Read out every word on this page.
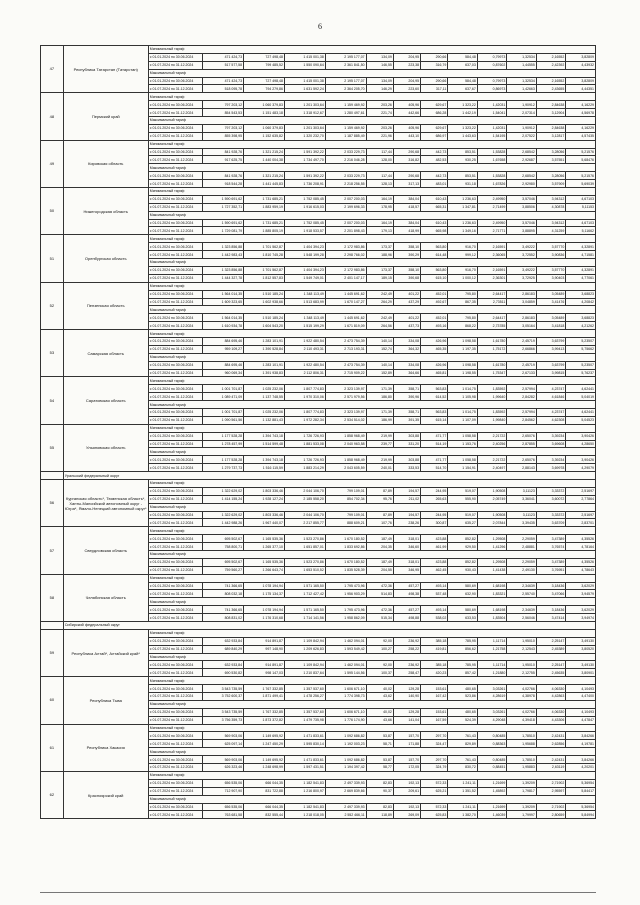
6
47	Республика Татарстан (Татарстан)	Минимальный тариф												
		с 01.01.2024 по 30.06.2024	471 424,73	727 498,48	1 415 001,38	2 195 177,07	134,09	204,95	290,66	584,48	0,79973	1,32534	2,16552	3,82809
		с 01.07.2024 по 31.12.2024	517 577,58	799 485,52	1 550 090,64	2 361 841,50	146,55	223,38	316,79	637,03	0,87602	1,44555	2,42392	4,43932
		Максимальный тариф												
		с 01.01.2024 по 30.06.2024	471 424,73	727 498,48	1 415 001,38	2 195 177,07	134,09	204,95	290,66	584,48	0,79973	1,32534	2,16552	3,82809
		с 01.07.2024 по 31.12.2024	518 095,78	794 279,86	1 631 592,24	2 364 205,70	146,29	223,60	317,11	637,67	0,86973	1,42663	2,43655	4,44351
48	Пермский край	Минимальный тариф												
		с 01.01.2024 по 30.06.2024	797 203,12	1 060 379,83	1 201 303,64	1 159 469,92	203,26	405,96	629,67	1 323,22	1,42031	1,90912	2,84638	4,16229
		с 01.07.2024 по 31.12.2024	854 543,53	1 151 483,18	1 318 912,67	1 280 497,61	221,74	442,66	686,28	1 442,19	1,54041	2,07314	3,12904	4,56978
		Максимальный тариф												
		с 01.01.2024 по 30.06.2024	797 203,12	1 060 379,83	1 201 303,64	1 159 469,92	203,26	405,96	629,67	1 323,22	1,42031	1,90912	2,84638	4,16229
		с 01.07.2024 по 31.12.2024	855 398,95	1 152 635,82	1 320 232,70	1 187 885,49	221,96	443,10	686,97	1 443,63	1,54195	2,07522	3,12817	4,57435
49	Кировская область	Минимальный тариф												
		с 01.01.2024 по 30.06.2024	841 928,76	1 321 215,24	1 591 392,22	2 033 229,73	117,44	290,68	442,73	853,51	1,53828	2,68542	3,28056	5,21576
		с 01.07.2024 по 31.12.2024	917 625,75	1 440 004,38	1 734 497,70	2 216 046,28	128,00	316,82	482,53	930,25	1,67658	2,92687	3,57551	5,68476
		Максимальный тариф												
		с 01.01.2024 по 30.06.2024	841 928,76	1 321 215,24	1 591 392,22	2 033 229,73	117,44	290,68	442,73	853,51	1,53828	2,68542	3,28056	5,21576
		с 01.07.2024 по 31.12.2024	918 544,28	1 441 445,83	1 736 208,91	2 218 256,55	128,13	317,13	483,01	931,18	1,67826	2,92980	3,57909	5,69039
50	Нижегородская область	Минимальный тариф												
		с 01.01.2024 по 30.06.2024	1 590 691,62	1 731 685,21	1 752 085,45	2 007 200,03	164,19	384,04	610,43	1 236,63	2,49950	3,57046	3,94312	4,67103
		с 01.07.2024 по 31.12.2024	1 727 352,71	1 883 959,19	1 916 615,03	2 199 696,33	178,95	418,57	665,31	1 347,81	2,71499	3,88506	4,30878	5,11153
		Максимальный тариф												
		с 01.01.2024 по 30.06.2024	1 590 691,62	1 731 685,21	1 752 085,45	2 007 200,03	164,19	384,04	610,43	1 236,63	2,49950	3,57046	3,94312	4,67103
		с 01.07.2024 по 31.12.2024	1 729 081,79	1 885 805,19	1 918 533,57	2 201 898,43	179,13	418,99	665,98	1 349,16	2,71771	3,88895	4,31259	5,11662
51	Оренбургская область	Минимальный тариф												
		с 01.01.2024 по 30.06.2024	1 323 856,88	1 701 562,87	1 404 394,23	2 172 983,86	173,37	358,10	563,80	916,70	2,16591	3,49222	3,57770	4,32891
		с 01.07.2024 по 31.12.2024	1 442 983,43	1 810 745,28	1 548 199,28	2 298 766,02	188,96	390,29	614,48	999,12	2,36065	3,72552	3,90836	4,71581
		Максимальный тариф												
		с 01.01.2024 по 30.06.2024	1 323 856,88	1 701 562,87	1 404 394,23	2 172 983,86	173,37	358,10	563,80	916,70	2,16591	3,49222	3,57770	4,32891
		с 01.07.2024 по 31.12.2024	1 444 327,78	1 812 557,83	1 549 749,01	2 401 147,17	189,15	390,68	615,10	1 000,12	2,36301	3,72925	3,90403	4,77061
52	Пензенская область	Минимальный тариф												
		с 01.01.2024 по 30.06.2024	1 564 014,35	1 510 185,24	1 348 113,49	1 445 691,62	242,49	401,22	452,01	795,80	2,64417	2,86183	3,05489	3,68823
		с 01.07.2024 по 31.12.2024	1 609 323,65	1 602 938,66	1 513 683,99	1 670 147,27	264,29	437,29	492,67	867,35	2,73511	3,04859	3,41476	4,20842
		Максимальный тариф												
		с 01.01.2024 по 30.06.2024	1 564 014,35	1 510 185,24	1 348 113,49	1 445 691,62	242,49	401,22	452,01	795,80	2,64417	2,86183	3,05489	3,68823
		с 01.07.2024 по 31.12.2024	1 610 934,78	1 604 543,20	1 515 199,29	1 671 819,09	264,56	437,73	493,16	868,22	2,73785	3,05164	3,41818	4,21262
53	Самарская область	Минимальный тариф												
		с 01.01.2024 по 30.06.2024	884 695,46	1 283 101,91	1 922 480,54	2 473 754,39	140,14	334,08	426,96	1 098,58	1,61780	2,45719	3,63799	5,23507
		с 01.07.2024 по 31.12.2024	959 109,27	1 390 528,84	2 110 493,31	2 713 193,31	152,74	364,32	465,35	1 197,35	1,75172	2,66866	3,99413	5,75662
		Максимальный тариф												
		с 01.01.2024 по 30.06.2024	884 695,46	1 283 101,91	1 922 480,54	2 473 754,39	140,14	334,08	426,96	1 098,58	1,61780	2,45719	3,63799	5,23507
		с 01.07.2024 по 31.12.2024	960 069,34	1 391 938,83	2 112 806,31	2 715 909,22	152,89	364,66	465,81	1 198,55	1,75347	2,67133	3,99815	5,76237
54	Саратовская область	Минимальный тариф												
		с 01.01.2024 по 30.06.2024	1 001 701,87	1 025 232,06	1 807 774,83	2 323 139,97	171,39	358,71	563,83	1 014,75	1,83592	2,57994	4,23747	4,62441
		с 01.07.2024 по 31.12.2024	1 089 471,09	1 137 748,55	1 970 310,06	2 571 979,56	186,80	390,96	614,52	1 105,98	1,99640	2,84282	4,61846	5,04019
		Максимальный тариф												
		с 01.01.2024 по 30.06.2024	1 001 701,87	1 025 232,06	1 807 774,83	2 323 139,97	171,39	358,71	563,83	1 014,75	1,83592	2,57994	4,23747	4,62441
		с 01.07.2024 по 31.12.2024	1 090 561,56	1 132 881,43	1 972 282,34	2 534 514,02	186,99	391,35	615,14	1 107,09	1,99840	2,84562	4,62308	5,04523
55	Ульяновская область	Минимальный тариф												
		с 01.01.2024 по 30.06.2024	1 177 528,28	1 394 743,18	1 726 726,93	1 858 968,49	219,99	303,88	471,77	1 058,58	2,21722	2,65076	3,39234	3,90426
		с 01.07.2024 по 31.12.2024	1 278 457,99	1 514 599,48	1 881 533,08	2 040 963,58	239,77	331,20	514,19	1 153,76	2,40256	2,87855	3,69608	4,28650
		Максимальный тариф												
		с 01.01.2024 по 30.06.2024	1 177 528,28	1 394 743,18	1 726 726,93	1 858 968,49	219,99	303,88	471,77	1 058,58	2,21722	2,65076	3,39234	3,90426
		с 01.07.2024 по 31.12.2024	1 279 737,73	1 516 115,59	1 883 214,29	2 043 605,59	240,01	333,53	514,70	1 154,91	2,40497	2,88143	3,69978	4,29079
	Уральский федеральный округ													
56	Курганская область*, Тюменская область*, Ханты-Мансийский автономный округ - Югра*, Ямало-Ненецкий автономный округ*	Минимальный тариф												
		с 01.01.2024 по 30.06.2024	1 322 629,02	1 803 336,46	2 044 106,70	799 109,01	87,89	194,57	244,95	519,07	1,90508	3,11123	3,33372	2,51697
		с 01.07.2024 по 31.12.2024	1 414 155,24	1 928 127,24	2 185 558,20	854 702,34	95,76	211,02	265,63	555,90	2,05749	3,36041	3,60072	2,77864
		Максимальный тариф												
		с 01.01.2024 по 30.06.2024	1 322 629,02	1 803 336,46	2 044 106,70	799 109,01	87,89	194,57	244,95	519,07	1,90508	3,11123	3,33372	2,51697
		с 01.07.2024 по 31.12.2024	1 442 988,26	1 967 440,07	2 217 855,77	888 609,21	107,76	238,26	300,87	635,27	2,07844	3,39435	3,63709	2,83701
57	Свердловская область	Минимальный тариф												
		с 01.01.2024 по 30.06.2024	695 502,67	1 165 535,36	1 523 270,86	1 670 180,52	187,49	318,01	423,88	852,82	1,29508	2,29059	3,47389	4,35526
		с 01.07.2024 по 31.12.2024	758 800,71	1 265 377,10	1 651 857,01	1 833 692,86	204,35	346,60	461,99	929,50	1,41296	2,48881	3,76574	4,78164
		Максимальный тариф												
		с 01.01.2024 по 30.06.2024	695 502,67	1 165 535,36	1 523 270,86	1 670 180,52	187,49	318,01	423,88	852,82	1,29508	2,29059	3,47389	4,35526
		с 01.07.2024 по 31.12.2024	759 560,27	1 266 643,74	1 653 510,52	1 835 528,39	204,55	346,95	462,45	930,43	1,41438	2,49130	3,76951	4,78643
58	Челябинская область	Минимальный тариф												
		с 01.01.2024 по 30.06.2024	741 366,65	1 078 194,94	1 571 165,50	1 795 473,96	472,36	457,27	493,14	580,69	1,68198	2,34639	3,18436	3,62029
		с 01.07.2024 по 31.12.2024	808 032,18	1 175 134,37	1 712 427,42	1 956 903,29	514,83	498,38	537,48	632,90	1,83321	2,55740	3,47066	3,94579
		Максимальный тариф												
		с 01.01.2024 по 30.06.2024	741 366,65	1 078 194,94	1 571 165,50	1 795 473,96	472,36	457,27	493,14	580,69	1,68198	2,34639	3,18436	3,62029
		с 01.07.2024 по 31.12.2024	808 831,02	1 176 310,68	1 714 141,56	1 958 862,09	515,34	498,88	538,02	633,53	1,83504	2,56046	3,47414	3,94974
	Сибирский федеральный округ													
59	Республика Алтай*, Алтайский край*	Минимальный тариф												
		с 01.01.2024 по 30.06.2024	632 933,84	914 891,87	1 109 842,94	1 462 094,01	92,00	236,92	385,18	785,95	1,11714	1,95010	2,25147	3,49130
		с 01.07.2024 по 31.12.2024	689 840,29	997 148,90	1 209 626,83	1 593 549,42	100,27	258,22	419,81	856,62	1,21758	2,12543	2,45389	3,80520
		Максимальный тариф												
		с 01.01.2024 по 30.06.2024	632 933,84	914 891,87	1 109 842,94	1 462 094,01	92,00	236,92	385,18	785,95	1,11714	1,95010	2,25147	3,49130
		с 01.07.2024 по 31.12.2024	690 530,82	998 147,03	1 210 837,64	1 595 144,56	100,37	258,47	420,23	857,42	1,21880	2,12755	2,45635	3,80901
60	Республика Тыва	Минимальный тариф												
		с 01.01.2024 по 30.06.2024	3 543 735,59	1 767 332,85	1 357 537,60	1 606 671,10	40,02	129,28	153,61	480,65	3,03261	4,02766	4,06330	4,10493
		с 01.07.2024 по 31.12.2024	3 752 600,37	1 871 499,41	1 478 256,27	1 774 398,73	43,62	140,90	167,42	523,86	4,28619	4,38978	4,42863	4,47400
		Максимальный тариф												
		с 01.01.2024 по 30.06.2024	3 543 735,59	1 767 332,85	1 357 537,60	1 606 671,10	40,02	129,28	153,61	480,65	3,03261	4,02766	4,06330	4,10493
		с 01.07.2024 по 31.12.2024	3 756 359,73	1 873 372,82	1 479 735,98	1 776 174,90	43,66	141,04	167,59	524,39	4,29048	4,39418	4,43306	4,47847
61	Республика Хакасия	Минимальный тариф												
		с 01.01.2024 по 30.06.2024	569 903,06	1 149 695,92	1 471 833,61	1 092 686,82	53,87	157,70	297,70	761,43	0,80485	1,78510	2,42431	3,84266
		с 01.07.2024 по 31.12.2024	625 097,14	1 247 450,29	1 595 830,14	1 192 003,23	58,71	171,88	324,47	829,89	0,88363	1,95688	2,62856	4,19781
		Максимальный тариф												
		с 01.01.2024 по 30.06.2024	569 903,06	1 149 695,92	1 471 833,61	1 092 686,82	53,87	157,70	297,70	761,43	0,80485	1,78510	2,42431	3,84266
		с 01.07.2024 по 31.12.2024	626 323,46	1 248 698,99	1 597 431,51	1 194 397,42	58,77	172,05	324,79	830,72	0,88451	1,95883	2,63119	4,20201
62	Красноярский край	Минимальный тариф												
		с 01.01.2024 по 30.06.2024	656 535,06	666 044,35	1 182 541,83	2 497 339,93	82,83	192,13	572,33	1 241,11	1,21699	1,39209	2,71902	5,36954
		с 01.07.2024 по 31.12.2024	712 907,90	831 722,88	1 216 800,97	2 669 839,66	90,37	209,61	625,21	1 351,52	1,45892	1,79817	2,95597	5,84417
		Максимальный тариф												
		с 01.01.2024 по 30.06.2024	656 535,06	666 044,35	1 182 541,83	2 497 339,93	82,83	192,13	572,33	1 241,11	1,21699	1,39209	2,71902	5,36954
		с 01.07.2024 по 31.12.2024	763 681,58	832 555,44	1 218 018,05	2 552 466,11	118,89	269,09	625,83	1 382,70	1,46039	1,79997	2,80659	5,84994
